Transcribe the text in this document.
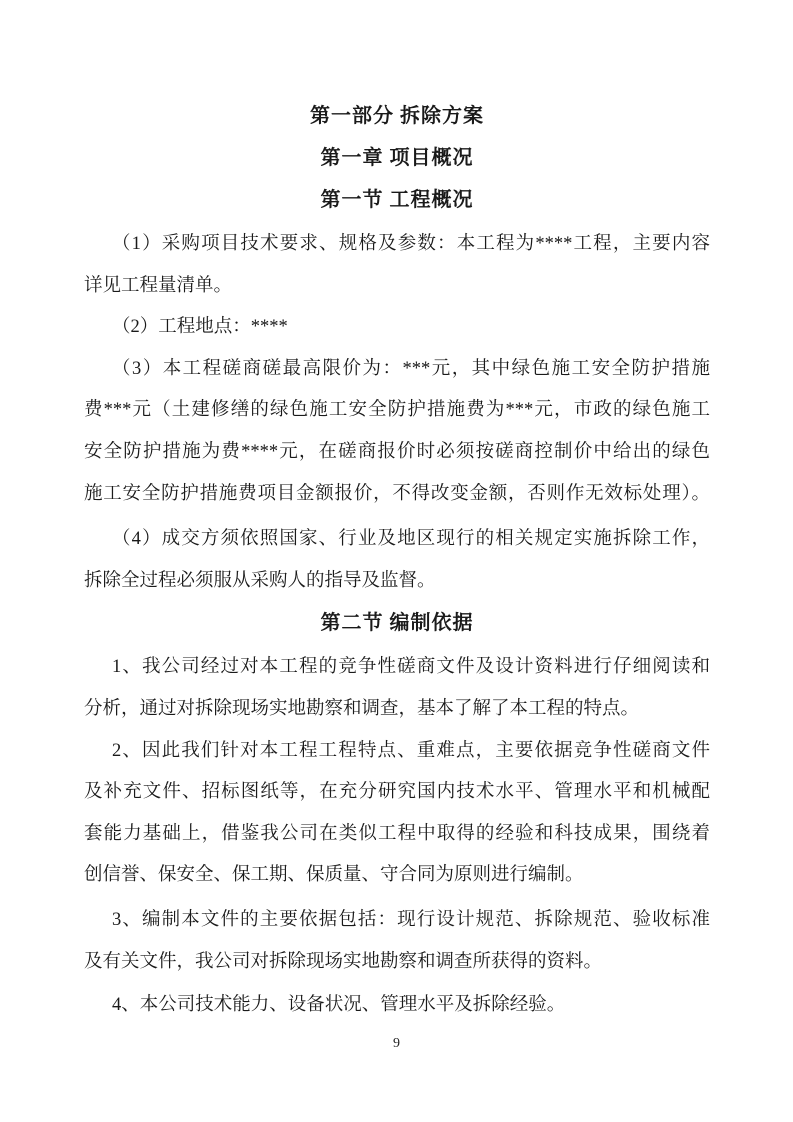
第一部分 拆除方案
第一章 项目概况
第一节 工程概况
（1）采购项目技术要求、规格及参数：本工程为****工程，主要内容
详见工程量清单。
（2）工程地点：****
（3）本工程磋商磋最高限价为：***元，其中绿色施工安全防护措施
费***元（土建修缮的绿色施工安全防护措施费为***元，市政的绿色施工
安全防护措施为费****元，在磋商报价时必须按磋商控制价中给出的绿色
施工安全防护措施费项目金额报价，不得改变金额，否则作无效标处理）。
（4）成交方须依照国家、行业及地区现行的相关规定实施拆除工作，
拆除全过程必须服从采购人的指导及监督。
第二节 编制依据
1、我公司经过对本工程的竞争性磋商文件及设计资料进行仔细阅读和
分析，通过对拆除现场实地勘察和调查，基本了解了本工程的特点。
2、因此我们针对本工程工程特点、重难点，主要依据竞争性磋商文件
及补充文件、招标图纸等，在充分研究国内技术水平、管理水平和机械配
套能力基础上，借鉴我公司在类似工程中取得的经验和科技成果，围绕着
创信誉、保安全、保工期、保质量、守合同为原则进行编制。
3、编制本文件的主要依据包括：现行设计规范、拆除规范、验收标准
及有关文件，我公司对拆除现场实地勘察和调查所获得的资料。
4、本公司技术能力、设备状况、管理水平及拆除经验。
9
